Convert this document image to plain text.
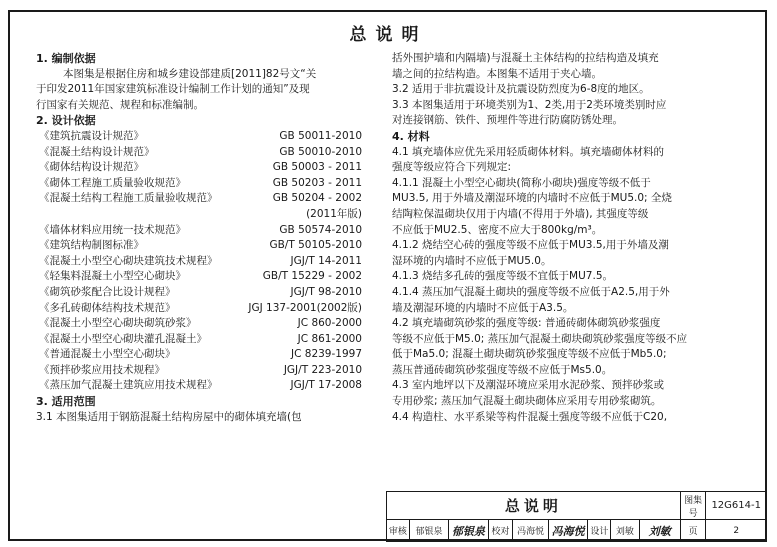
总说明
1. 编制依据
本图集是根据住房和城乡建设部建质[2011]82号文“关
于印发2011年国家建筑标准设计编制工作计划的通知”及现
行国家有关规范、规程和标准编制。
2. 设计依据
《建筑抗震设计规范》	GB 50011-2010
《混凝土结构设计规范》	GB 50010-2010
《砌体结构设计规范》	GB 50003 - 2011
《砌体工程施工质量验收规范》	GB 50203 - 2011
《混凝土结构工程施工质量验收规范》	GB 50204 - 2002
(2011年版)
《墙体材料应用统一技术规范》	GB 50574-2010
《建筑结构制图标准》	GB/T 50105-2010
《混凝土小型空心砌块建筑技术规程》	JGJ/T 14-2011
《轻集料混凝土小型空心砌块》	GB/T 15229 - 2002
《砌筑砂浆配合比设计规程》	JGJ/T 98-2010
《多孔砖砌体结构技术规范》	JGJ 137-2001(2002版)
《混凝土小型空心砌块砌筑砂浆》	JC 860-2000
《混凝土小型空心砌块灌孔混凝土》	JC 861-2000
《普通混凝土小型空心砌块》	JC 8239-1997
《预拌砂浆应用技术规程》	JGJ/T 223-2010
《蒸压加气混凝土建筑应用技术规程》	JGJ/T 17-2008
3. 适用范围
3.1 本图集适用于钢筋混凝土结构房屋中的砌体填充墙(包
括外围护墙和内隔墙)与混凝土主体结构的拉结构造及填充
墙之间的拉结构造。本图集不适用于夹心墙。
3.2 适用于非抗震设计及抗震设防烈度为6-8度的地区。
3.3 本图集适用于环境类别为1、2类,用于2类环境类别时应
对连接钢筋、铁件、预埋件等进行防腐防锈处理。
4. 材料
4.1 填充墙体应优先采用轻质砌体材料。填充墙砌体材料的
强度等级应符合下列规定:
4.1.1 混凝土小型空心砌块(简称小砌块)强度等级不低于
MU3.5, 用于外墙及潮湿环境的内墙时不应低于MU5.0; 全烧
结陶粒保温砌块仅用于内墙(不得用于外墙), 其强度等级
不应低于MU2.5、密度不应大于800kg/m³。
4.1.2 烧结空心砖的强度等级不应低于MU3.5,用于外墙及潮
湿环境的内墙时不应低于MU5.0。
4.1.3 烧结多孔砖的强度等级不宜低于MU7.5。
4.1.4 蒸压加气混凝土砌块的强度等级不应低于A2.5,用于外
墙及潮湿环境的内墙时不应低于A3.5。
4.2 填充墙砌筑砂浆的强度等级: 普通砖砌体砌筑砂浆强度
等级不应低于M5.0; 蒸压加气混凝土砌块砌筑砂浆强度等级不应
低于Ma5.0; 混凝土砌块砌筑砂浆强度等级不应低于Mb5.0;
蒸压普通砖砌筑砂浆强度等级不应低于Ms5.0。
4.3 室内地坪以下及潮湿环境应采用水泥砂浆、预拌砂浆或
专用砂浆; 蒸压加气混凝土砌块砌体应采用专用砂浆砌筑。
4.4 构造柱、水平系梁等构件混凝土强度等级不应低于C20,
总说明									图集号	12G614-1
审核	郁银泉	郁银泉	校对	冯海悦	冯海悦	设计	刘敏	刘敏	页	2
